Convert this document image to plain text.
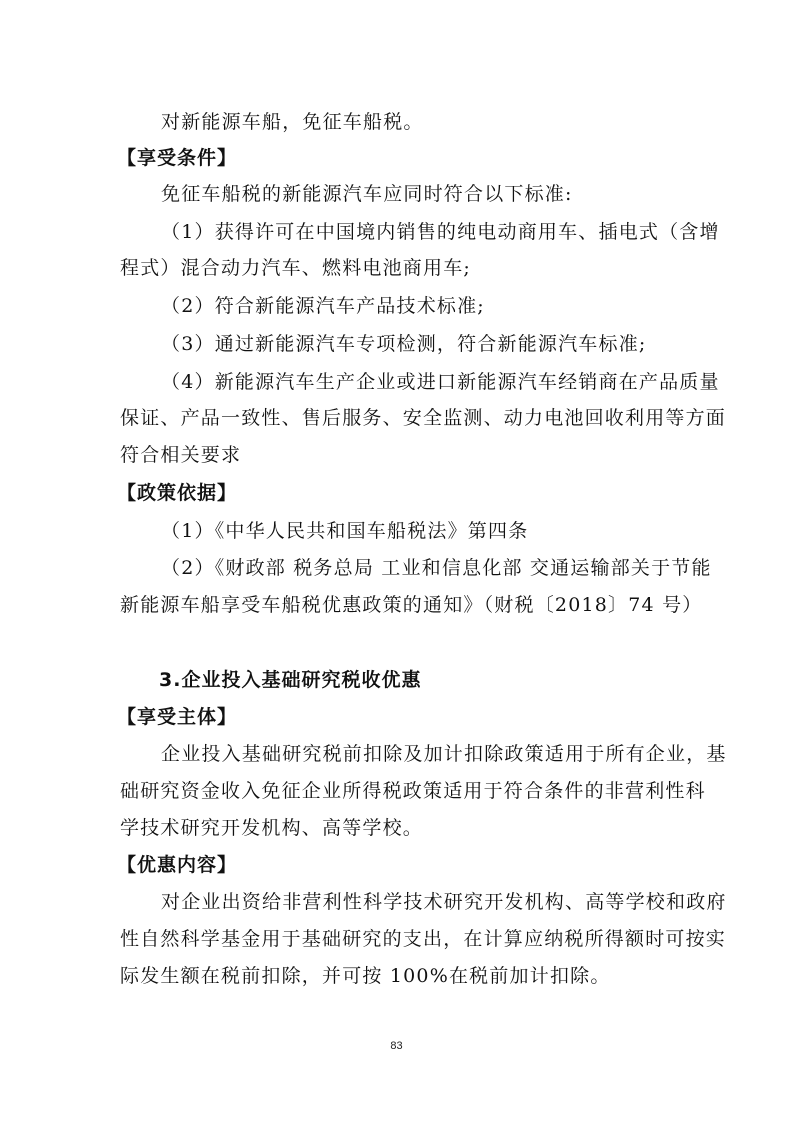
对新能源车船，免征车船税。
【享受条件】
免征车船税的新能源汽车应同时符合以下标准:
（1）获得许可在中国境内销售的纯电动商用车、插电式（含增
程式）混合动力汽车、燃料电池商用车;
（2）符合新能源汽车产品技术标准;
（3）通过新能源汽车专项检测，符合新能源汽车标准;
（4）新能源汽车生产企业或进口新能源汽车经销商在产品质量
保证、产品一致性、售后服务、安全监测、动力电池回收利用等方面
符合相关要求
【政策依据】
（1）《中华人民共和国车船税法》第四条
（2）《财政部 税务总局 工业和信息化部 交通运输部关于节能
新能源车船享受车船税优惠政策的通知》（财税〔2018〕74 号）
3.企业投入基础研究税收优惠
【享受主体】
企业投入基础研究税前扣除及加计扣除政策适用于所有企业，基
础研究资金收入免征企业所得税政策适用于符合条件的非营利性科
学技术研究开发机构、高等学校。
【优惠内容】
对企业出资给非营利性科学技术研究开发机构、高等学校和政府
性自然科学基金用于基础研究的支出，在计算应纳税所得额时可按实
际发生额在税前扣除，并可按 100%在税前加计扣除。
83
